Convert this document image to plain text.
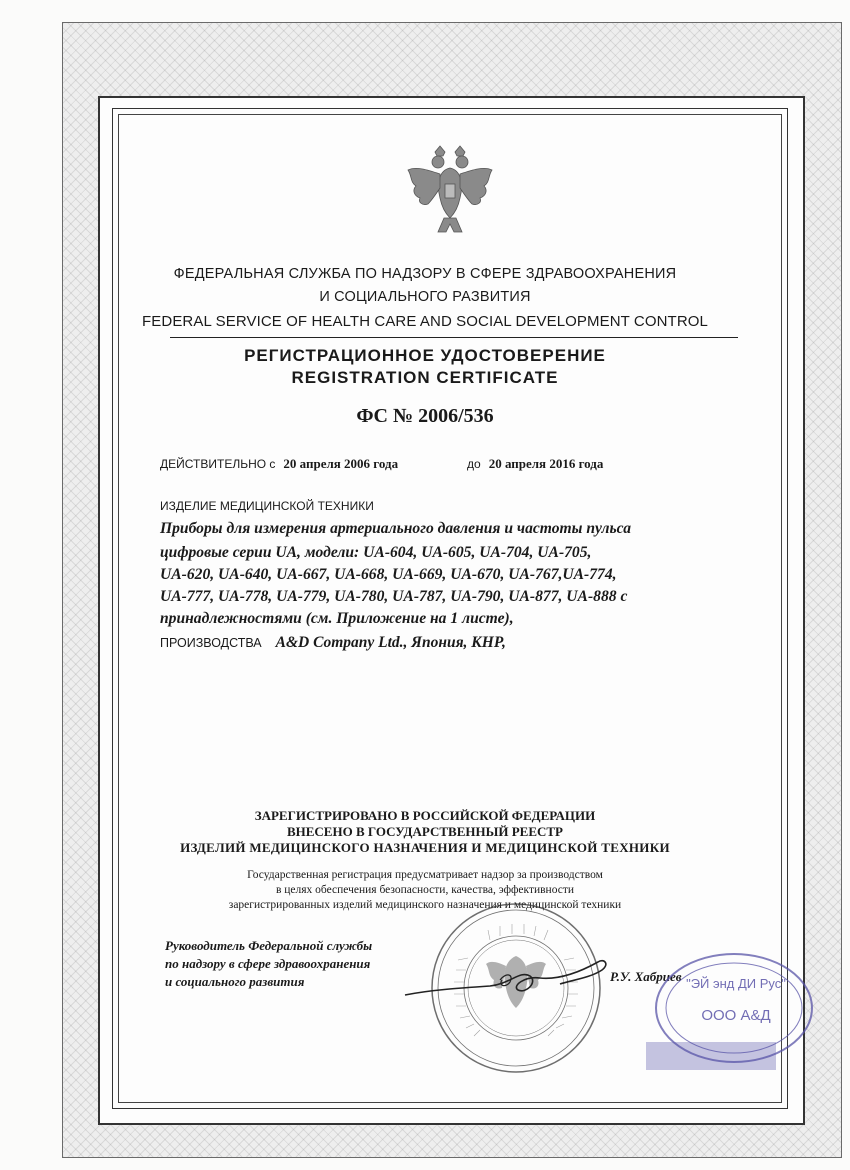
ФЕДЕРАЛЬНАЯ СЛУЖБА ПО НАДЗОРУ В СФЕРЕ ЗДРАВООХРАНЕНИЯ
И СОЦИАЛЬНОГО РАЗВИТИЯ
FEDERAL SERVICE OF HEALTH CARE AND SOCIAL DEVELOPMENT CONTROL
РЕГИСТРАЦИОННОЕ УДОСТОВЕРЕНИЕ
REGISTRATION CERTIFICATE
ФС № 2006/536
ДЕЙСТВИТЕЛЬНО с 20 апреля 2006 года	до 20 апреля 2016 года
ИЗДЕЛИЕ МЕДИЦИНСКОЙ ТЕХНИКИ
Приборы для измерения артериального давления и частоты пульса
цифровые серии UA, модели: UA-604, UA-605, UA-704, UA-705,
UA-620, UA-640, UA-667, UA-668, UA-669, UA-670, UA-767,UA-774,
UA-777, UA-778, UA-779, UA-780, UA-787, UA-790, UA-877, UA-888 с
принадлежностями (см. Приложение на 1 листе),
ПРОИЗВОДСТВА A&D Company Ltd., Япония, КНР,
ЗАРЕГИСТРИРОВАНО В РОССИЙСКОЙ ФЕДЕРАЦИИ
ВНЕСЕНО В ГОСУДАРСТВЕННЫЙ РЕЕСТР
ИЗДЕЛИЙ МЕДИЦИНСКОГО НАЗНАЧЕНИЯ И МЕДИЦИНСКОЙ ТЕХНИКИ
Государственная регистрация предусматривает надзор за производством
в целях обеспечения безопасности, качества, эффективности
зарегистрированных изделий медицинского назначения и медицинской техники
Руководитель Федеральной службы
по надзору в сфере здравоохранения
и социального развития	Р.У. Хабриев "ЭЙ энд ДИ Рус"
ООО А&Д
